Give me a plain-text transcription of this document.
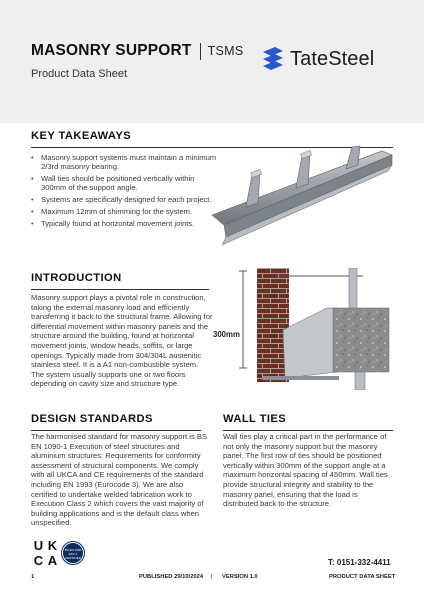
MASONRY SUPPORT TSMS
Product Data Sheet
TateSteel
KEY TAKEAWAYS
• Masonry support systems must maintain a minimum 2/3rd masonry bearing.
• Wall ties should be positioned vertically within 300mm of the support angle.
• Systems are specifically designed for each project.
• Maximum 12mm of shimming for the system.
• Typically found at horizontal movement joints.
INTRODUCTION

Masonry support plays a pivotal role in construction, taking the external masonry load and efficiently transferring it back to the structural frame. Allowing for differential movement within masonry panels and the structure around the building, found at horizontal movement joints, window heads, soffits, or large openings. Typically made from 304/304L austenitic stainless steel. It is a A1 non-combustible system. The system usually supports one or two floors depending on cavity size and structure type.

300mm
DESIGN STANDARDS

The harmonised standard for masonry support is BS EN 1090-1 Execution of steel structures and aluminium structures: Requirements for conformity assessment of structural components. We comply with all UKCA and CE requirements of the standard including EN 1993 (Eurocode 3). We are also certified to undertake welded fabrication work to Execution Class 2 which covers the vast majority of building applications and is the default class when unspecified.

WALL TIES

Wall ties play a critical part in the performance of not only the masonry support but the masonry panel. The first row of ties should be positioned vertically within 300mm of the support angle at a maximum horizontal spacing of 450mm. Wall ties provide structural integrity and stability to the masonry panel, ensuring that the load is distributed back to the structure.

U K
C A
BS EN 1090
EXC 2
CERTIFIED	T: 0151-332-4411
1	PUBLISHED 29/10/2024 | VERSION 1.0	PRODUCT DATA SHEET
